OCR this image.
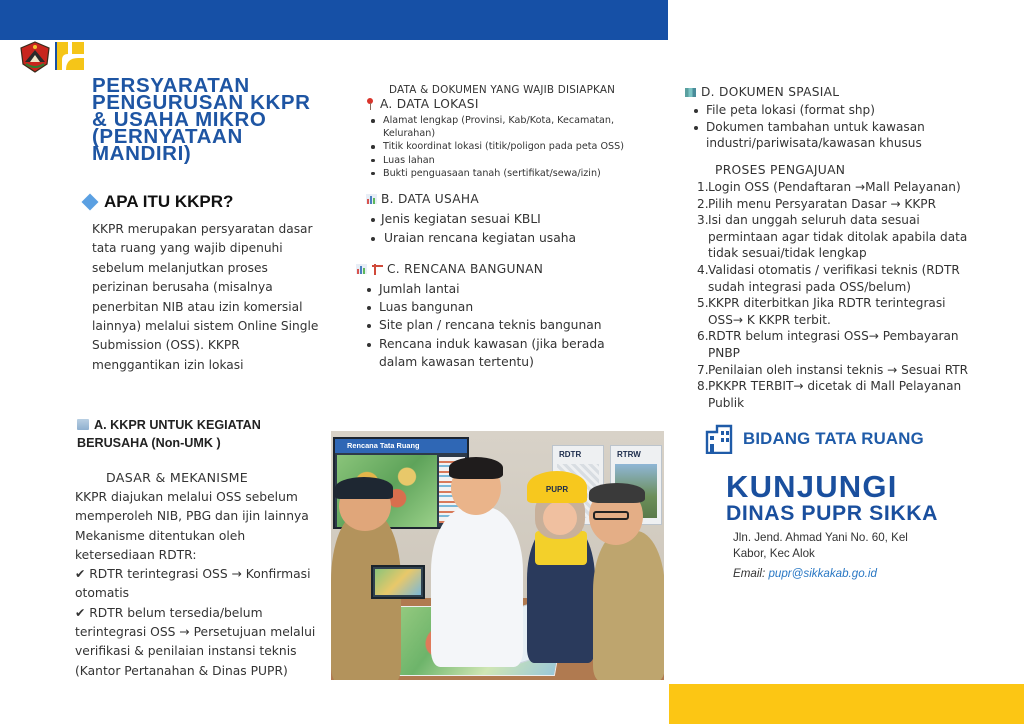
PERSYARATAN PENGURUSAN KKPR & USAHA MIKRO (PERNYATAAN MANDIRI)
APA ITU KKPR?

KKPR merupakan persyaratan dasar tata ruang yang wajib dipenuhi sebelum melanjutkan proses perizinan berusaha (misalnya penerbitan NIB atau izin komersial lainnya) melalui sistem Online Single Submission (OSS). KKPR menggantikan izin lokasi

A. KKPR UNTUK KEGIATAN BERUSAHA (Non-UMK )
DASAR & MEKANISME
KKPR diajukan melalui OSS sebelum memperoleh NIB, PBG dan ijin lainnya
Mekanisme ditentukan oleh ketersediaan RDTR:
✔ RDTR terintegrasi OSS → Konfirmasi otomatis
✔ RDTR belum tersedia/belum terintegrasi OSS → Persetujuan melalui verifikasi & penilaian instansi teknis (Kantor Pertanahan & Dinas PUPR)
DATA & DOKUMEN YANG WAJIB DISIAPKAN
A. DATA LOKASI
Alamat lengkap (Provinsi, Kab/Kota, Kecamatan, Kelurahan)
Titik koordinat lokasi (titik/poligon pada peta OSS)
Luas lahan
Bukti penguasaan tanah (sertifikat/sewa/izin)
B. DATA USAHA
Jenis kegiatan sesuai KBLI
Uraian rencana kegiatan usaha
C. RENCANA BANGUNAN
Jumlah lantai
Luas bangunan
Site plan / rencana teknis bangunan
Rencana induk kawasan (jika berada dalam kawasan tertentu)
Rencana Tata Ruang
RDTR	RTRW
PUPR
D. DOKUMEN SPASIAL
File peta lokasi (format shp)
Dokumen tambahan untuk kawasan industri/pariwisata/kawasan khusus
PROSES PENGAJUAN
1. Login OSS (Pendaftaran →Mall Pelayanan)
2. Pilih menu Persyaratan Dasar → KKPR
3. Isi dan unggah seluruh data sesuai permintaan agar tidak ditolak apabila data tidak sesuai/tidak lengkap
4. Validasi otomatis / verifikasi teknis (RDTR sudah integrasi pada OSS/belum)
5. KKPR diterbitkan Jika RDTR terintegrasi OSS→ K KKPR terbit.
6. RDTR belum integrasi OSS→ Pembayaran PNBP
7. Penilaian oleh instansi teknis → Sesuai RTR
8. PKKPR TERBIT→ dicetak di Mall Pelayanan Publik
BIDANG TATA RUANG
KUNJUNGI
DINAS PUPR SIKKA
Jln. Jend. Ahmad Yani No. 60, Kel Kabor, Kec Alok
Email: pupr@sikkakab.go.id
